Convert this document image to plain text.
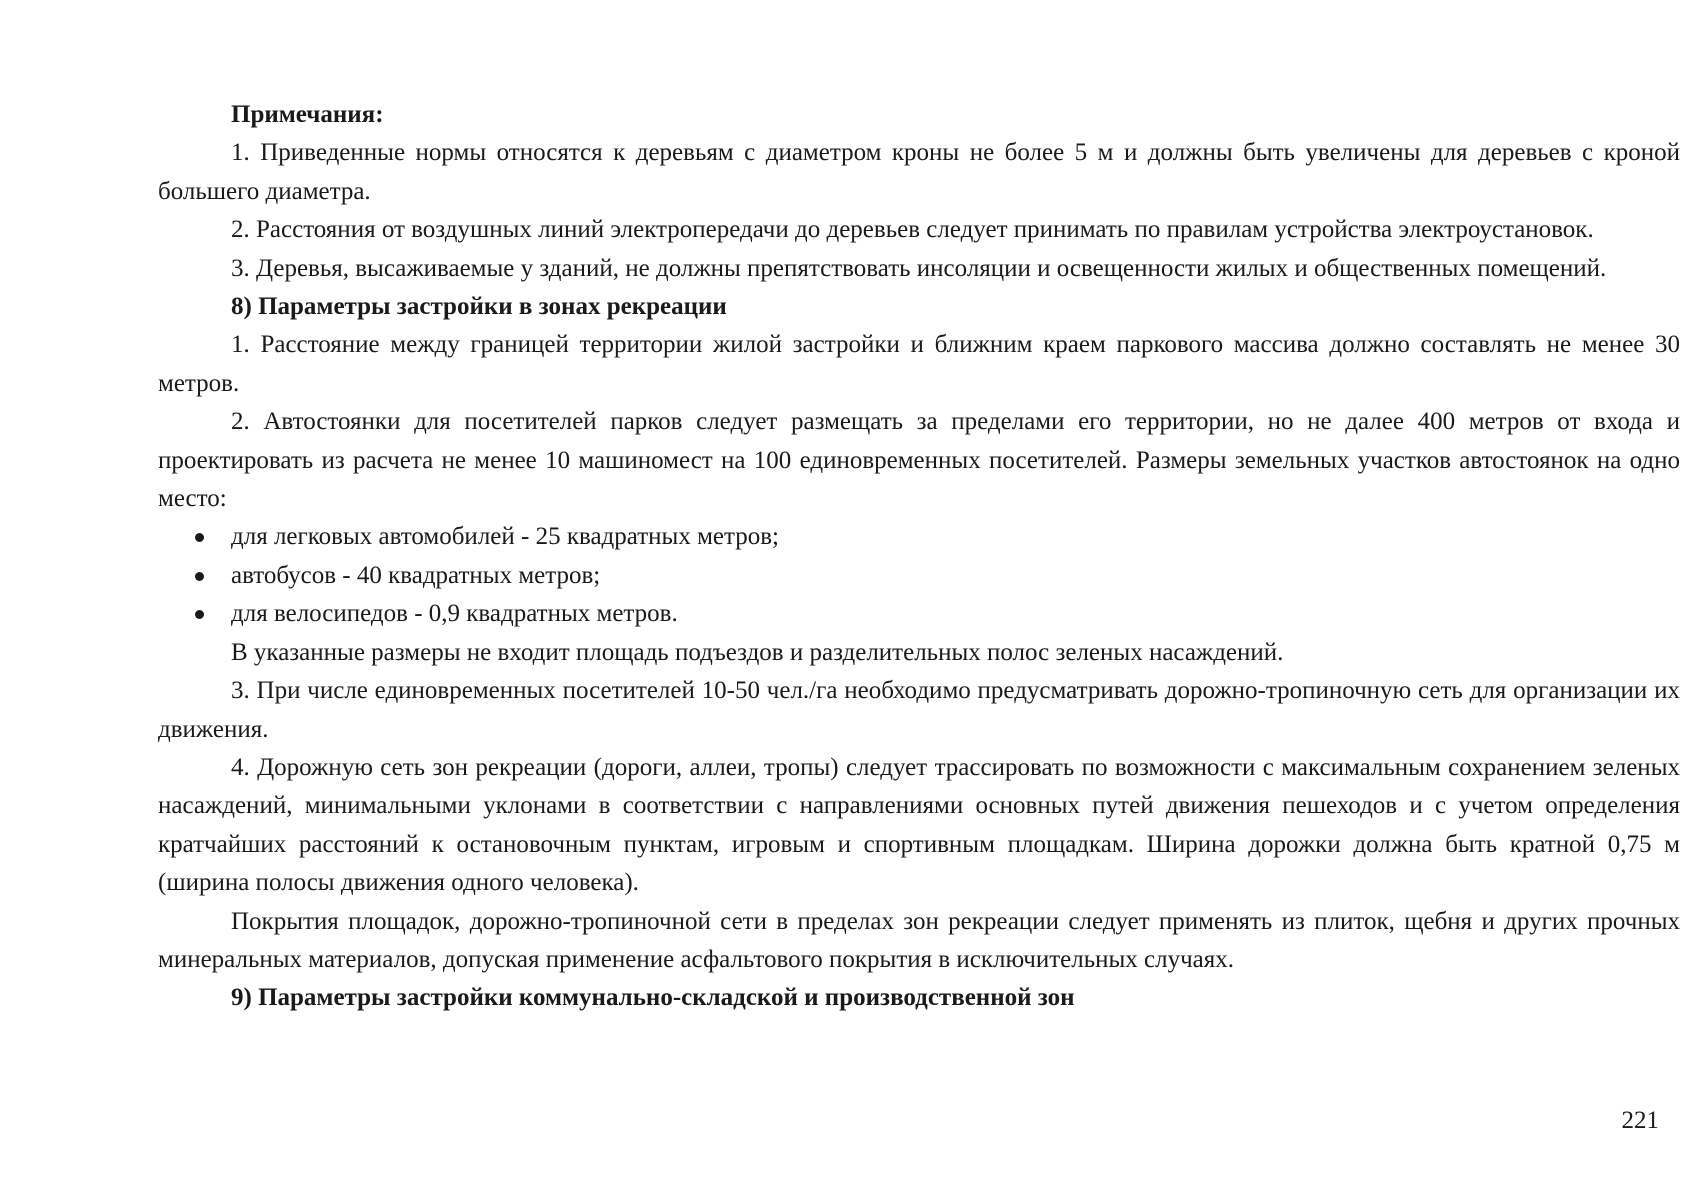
Примечания:

1. Приведенные нормы относятся к деревьям с диаметром кроны не более 5 м и должны быть увеличены для деревьев с кроной большего диаметра.

2. Расстояния от воздушных линий электропередачи до деревьев следует принимать по правилам устройства электроустановок.

3. Деревья, высаживаемые у зданий, не должны препятствовать инсоляции и освещенности жилых и общественных помещений.

8) Параметры застройки в зонах рекреации

1. Расстояние между границей территории жилой застройки и ближним краем паркового массива должно составлять не менее 30 метров.

2. Автостоянки для посетителей парков следует размещать за пределами его территории, но не далее 400 метров от входа и проектировать из расчета не менее 10 машиномест на 100 единовременных посетителей. Размеры земельных участков автостоянок на одно место:

для легковых автомобилей - 25 квадратных метров;
автобусов - 40 квадратных метров;
для велосипедов - 0,9 квадратных метров.

В указанные размеры не входит площадь подъездов и разделительных полос зеленых насаждений.

3. При числе единовременных посетителей 10-50 чел./га необходимо предусматривать дорожно-тропиночную сеть для организации их движения.

4. Дорожную сеть зон рекреации (дороги, аллеи, тропы) следует трассировать по возможности с максимальным сохранением зеленых насаждений, минимальными уклонами в соответствии с направлениями основных путей движения пешеходов и с учетом определения кратчайших расстояний к остановочным пунктам, игровым и спортивным площадкам. Ширина дорожки должна быть кратной 0,75 м (ширина полосы движения одного человека).

Покрытия площадок, дорожно-тропиночной сети в пределах зон рекреации следует применять из плиток, щебня и других прочных минеральных материалов, допуская применение асфальтового покрытия в исключительных случаях.

9) Параметры застройки коммунально-складской и производственной зон
221
